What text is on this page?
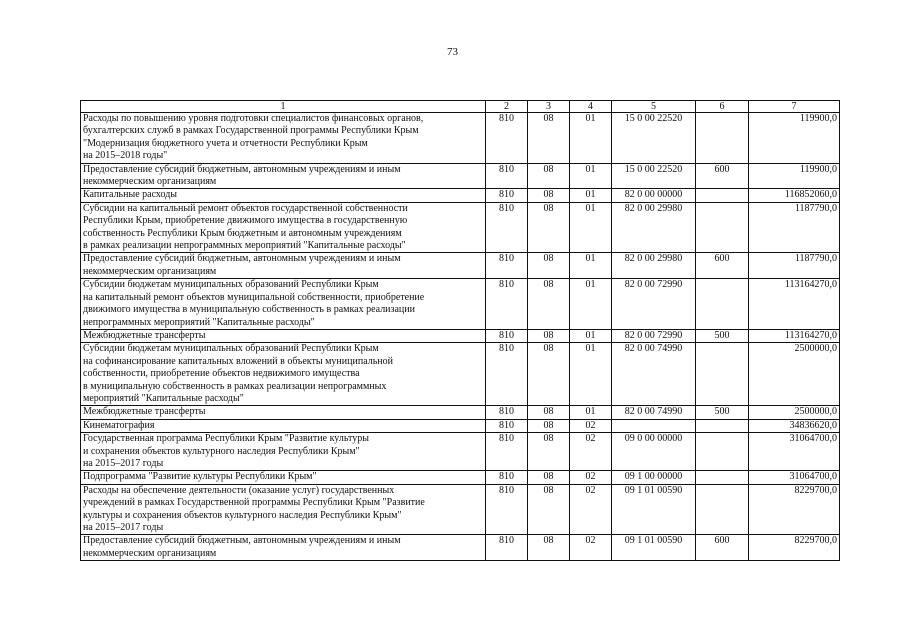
73
1	2	3	4	5	6	7
Расходы по повышению уровня подготовки специалистов финансовых органов,
бухгалтерских служб в рамках Государственной программы Республики Крым
"Модернизация бюджетного учета и отчетности Республики Крым
на 2015–2018 годы"	810	08	01	15 0 00 22520		119900,0
Предоставление субсидий бюджетным, автономным учреждениям и иным
некоммерческим организациям	810	08	01	15 0 00 22520	600	119900,0
Капитальные расходы	810	08	01	82 0 00 00000		116852060,0
Субсидии на капитальный ремонт объектов государственной собственности
Республики Крым, приобретение движимого имущества в государственную
собственность Республики Крым бюджетным и автономным учреждениям
в рамках реализации непрограммных мероприятий "Капитальные расходы"	810	08	01	82 0 00 29980		1187790,0
Предоставление субсидий бюджетным, автономным учреждениям и иным
некоммерческим организациям	810	08	01	82 0 00 29980	600	1187790,0
Субсидии бюджетам муниципальных образований Республики Крым
на капитальный ремонт объектов муниципальной собственности, приобретение
движимого имущества в муниципальную собственность в рамках реализации
непрограммных мероприятий "Капитальные расходы"	810	08	01	82 0 00 72990		113164270,0
Межбюджетные трансферты	810	08	01	82 0 00 72990	500	113164270,0
Субсидии бюджетам муниципальных образований Республики Крым
на софинансирование капитальных вложений в объекты муниципальной
собственности, приобретение объектов недвижимого имущества
в муниципальную собственность в рамках реализации непрограммных
мероприятий "Капитальные расходы"	810	08	01	82 0 00 74990		2500000,0
Межбюджетные трансферты	810	08	01	82 0 00 74990	500	2500000,0
Кинематография	810	08	02			34836620,0
Государственная программа Республики Крым "Развитие культуры
и сохранения объектов культурного наследия Республики Крым"
на 2015–2017 годы	810	08	02	09 0 00 00000		31064700,0
Подпрограмма "Развитие культуры Республики Крым"	810	08	02	09 1 00 00000		31064700,0
Расходы на обеспечение деятельности (оказание услуг) государственных
учреждений в рамках Государственной программы Республики Крым "Развитие
культуры и сохранения объектов культурного наследия Республики Крым"
на 2015–2017 годы	810	08	02	09 1 01 00590		8229700,0
Предоставление субсидий бюджетным, автономным учреждениям и иным
некоммерческим организациям	810	08	02	09 1 01 00590	600	8229700,0
